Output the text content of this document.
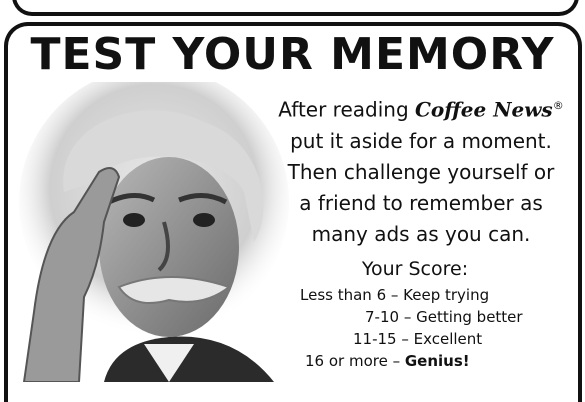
TEST YOUR MEMORY
After reading Coffee News®
put it aside for a moment.
Then challenge yourself or
a friend to remember as
many ads as you can.
Your Score:
Less than 6 – Keep trying
7-10 – Getting better
11-15 – Excellent
16 or more – Genius!
